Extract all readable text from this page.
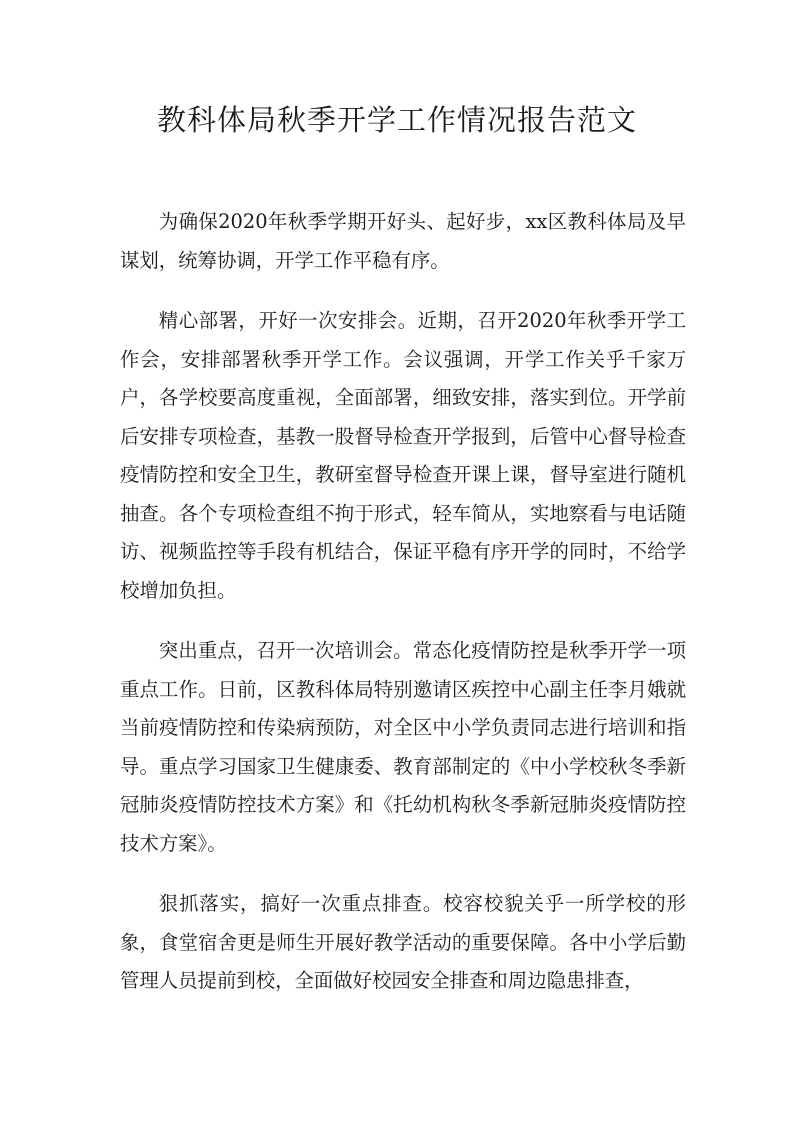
教科体局秋季开学工作情况报告范文

为确保2020年秋季学期开好头、起好步，xx区教科体局及早谋划，统筹协调，开学工作平稳有序。

精心部署，开好一次安排会。近期，召开2020年秋季开学工作会，安排部署秋季开学工作。会议强调，开学工作关乎千家万户，各学校要高度重视，全面部署，细致安排，落实到位。开学前后安排专项检查，基教一股督导检查开学报到，后管中心督导检查疫情防控和安全卫生，教研室督导检查开课上课，督导室进行随机抽查。各个专项检查组不拘于形式，轻车简从，实地察看与电话随访、视频监控等手段有机结合，保证平稳有序开学的同时，不给学校增加负担。

突出重点，召开一次培训会。常态化疫情防控是秋季开学一项重点工作。日前，区教科体局特别邀请区疾控中心副主任李月娥就当前疫情防控和传染病预防，对全区中小学负责同志进行培训和指导。重点学习国家卫生健康委、教育部制定的《中小学校秋冬季新冠肺炎疫情防控技术方案》和《托幼机构秋冬季新冠肺炎疫情防控技术方案》。

狠抓落实，搞好一次重点排查。校容校貌关乎一所学校的形象，食堂宿舍更是师生开展好教学活动的重要保障。各中小学后勤管理人员提前到校，全面做好校园安全排查和周边隐患排查，
